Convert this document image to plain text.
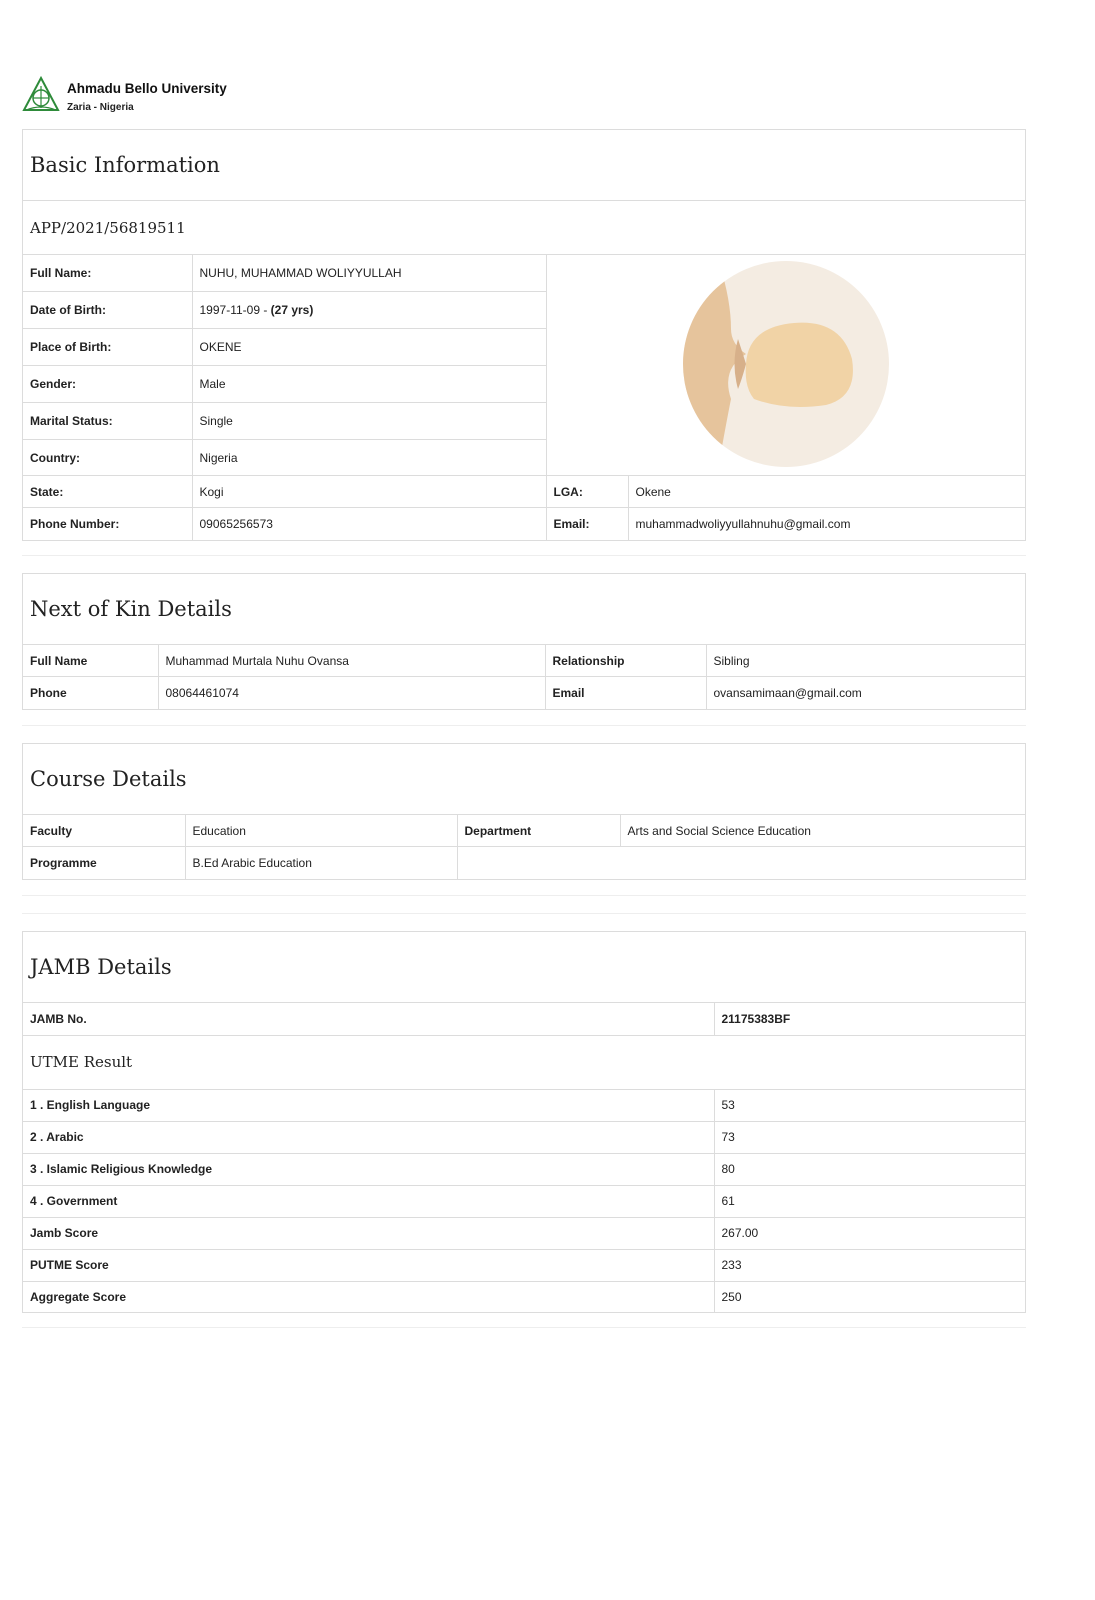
Ahmadu Bello University
Zaria - Nigeria
Basic Information
APP/2021/56819511
Full Name:	NUHU, MUHAMMAD WOLIYYULLAH	
Date of Birth:	1997-11-09 - (27 yrs)		
Place of Birth:	OKENE		
Gender:	Male		
Marital Status:	Single		
Country:	Nigeria		
State:	Kogi	LGA:	Okene
Phone Number:	09065256573	Email:	muhammadwoliyyullahnuhu@gmail.com
Next of Kin Details
Full Name	Muhammad Murtala Nuhu Ovansa	Relationship	Sibling
Phone	08064461074	Email	ovansamimaan@gmail.com
Course Details
Faculty	Education	Department	Arts and Social Science Education
Programme	B.Ed Arabic Education		
JAMB Details
JAMB No.	21175383BF
UTME Result
1 . English Language	53
2 . Arabic	73
3 . Islamic Religious Knowledge	80
4 . Government	61
Jamb Score	267.00
PUTME Score	233
Aggregate Score	250
